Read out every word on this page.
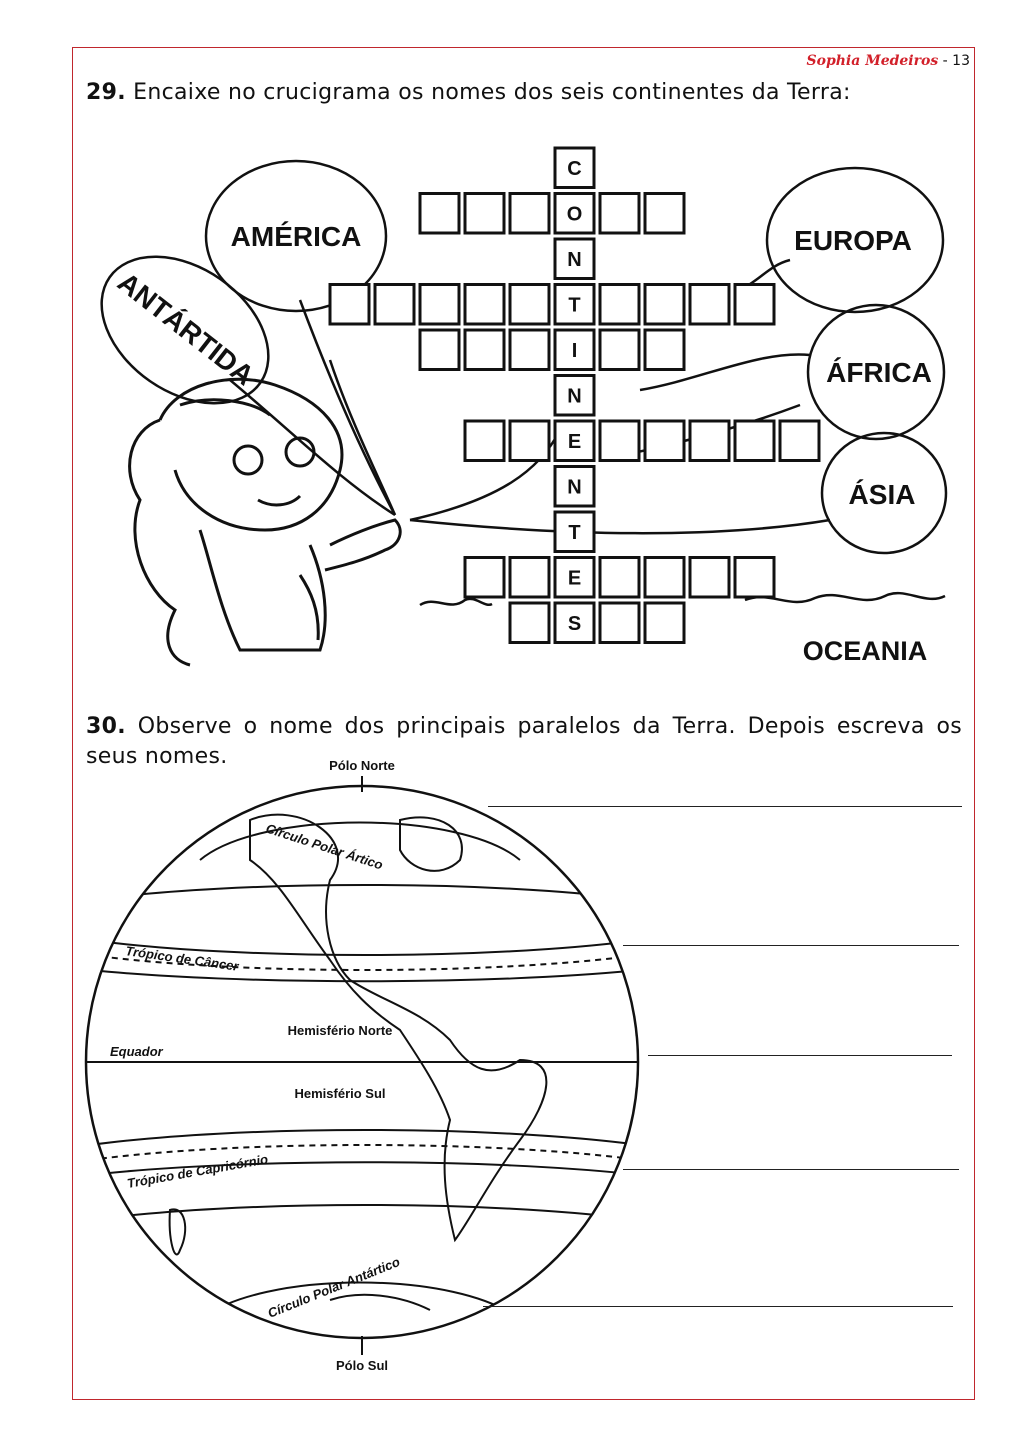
Sophia Medeiros - 13
29. Encaixe no crucigrama os nomes dos seis continentes da Terra:
C
O
N
T
I
N
E
N
T
E
S
AMÉRICA
ANTÁRTIDA
EUROPA
ÁFRICA
ÁSIA
OCEANIA
30. Observe o nome dos principais paralelos da Terra. Depois escreva os seus nomes.	Pólo Norte
Pólo Sul
Círculo Polar Ártico
Trópico de Câncer
Equador
Hemisfério Norte
Hemisfério Sul
Trópico de Capricórnio
Círculo Polar Antártico
